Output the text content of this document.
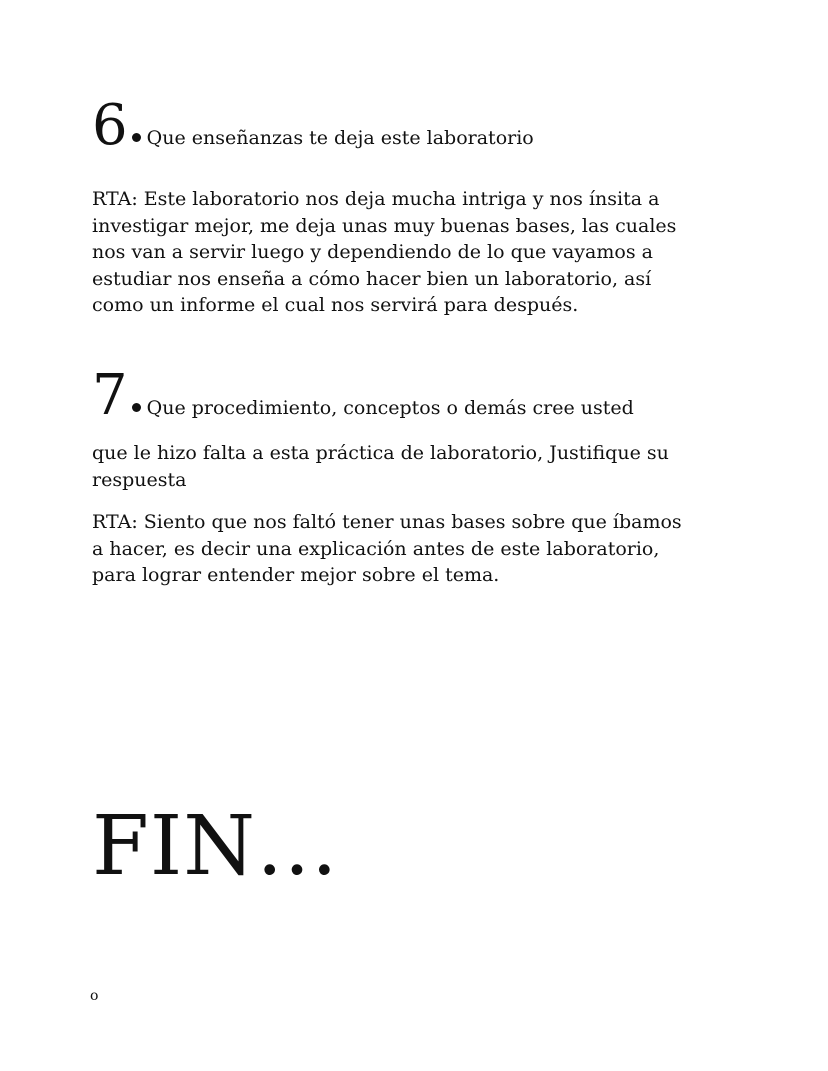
6 Que enseñanzas te deja este laboratorio

RTA: Este laboratorio nos deja mucha intriga y nos ínsita a investigar mejor, me deja unas muy buenas bases, las cuales nos van a servir luego y dependiendo de lo que vayamos a estudiar nos enseña a cómo hacer bien un laboratorio, así como un informe el cual nos servirá para después.

7 Que procedimiento, conceptos o demás cree usted

que le hizo falta a esta práctica de laboratorio, Justifique su respuesta

RTA: Siento que nos faltó tener unas bases sobre que íbamos a hacer, es decir una explicación antes de este laboratorio, para lograr entender mejor sobre el tema.

FIN…
o
